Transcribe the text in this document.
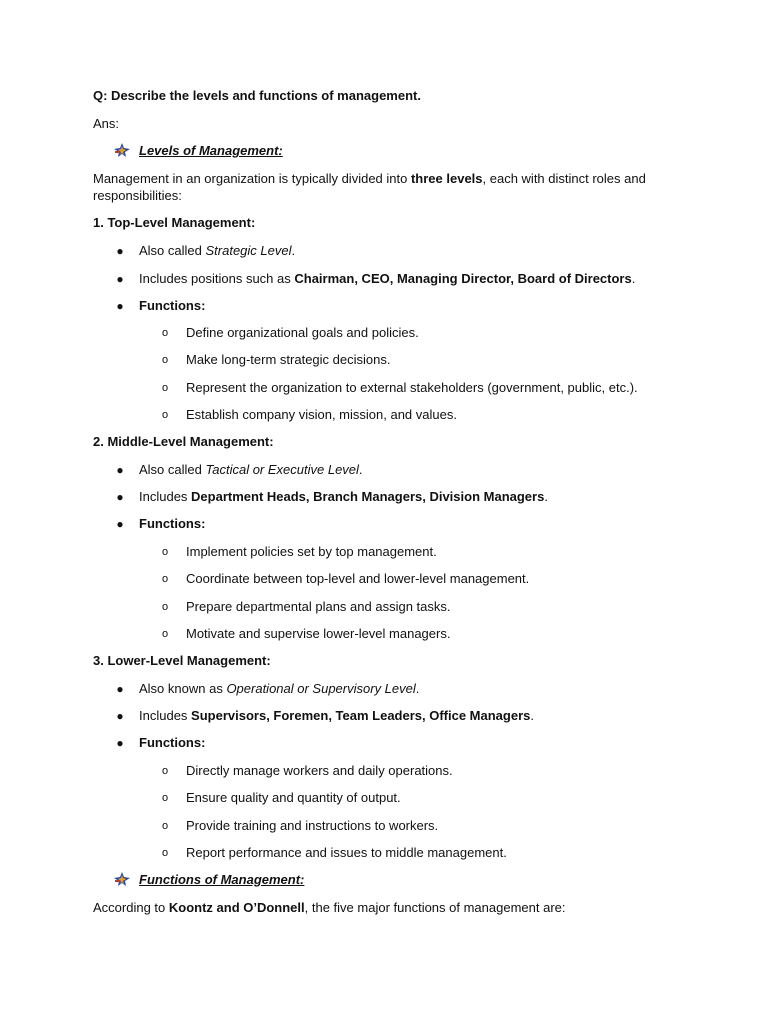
Q: Describe the levels and functions of management.
Ans:
Levels of Management:
Management in an organization is typically divided into three levels, each with distinct roles and
responsibilities:
1. Top-Level Management:
● Also called Strategic Level.
● Includes positions such as Chairman, CEO, Managing Director, Board of Directors.
● Functions:
o Define organizational goals and policies.
o Make long-term strategic decisions.
o Represent the organization to external stakeholders (government, public, etc.).
o Establish company vision, mission, and values.
2. Middle-Level Management:
● Also called Tactical or Executive Level.
● Includes Department Heads, Branch Managers, Division Managers.
● Functions:
o Implement policies set by top management.
o Coordinate between top-level and lower-level management.
o Prepare departmental plans and assign tasks.
o Motivate and supervise lower-level managers.
3. Lower-Level Management:
● Also known as Operational or Supervisory Level.
● Includes Supervisors, Foremen, Team Leaders, Office Managers.
● Functions:
o Directly manage workers and daily operations.
o Ensure quality and quantity of output.
o Provide training and instructions to workers.
o Report performance and issues to middle management.
Functions of Management:
According to Koontz and O’Donnell, the five major functions of management are:
